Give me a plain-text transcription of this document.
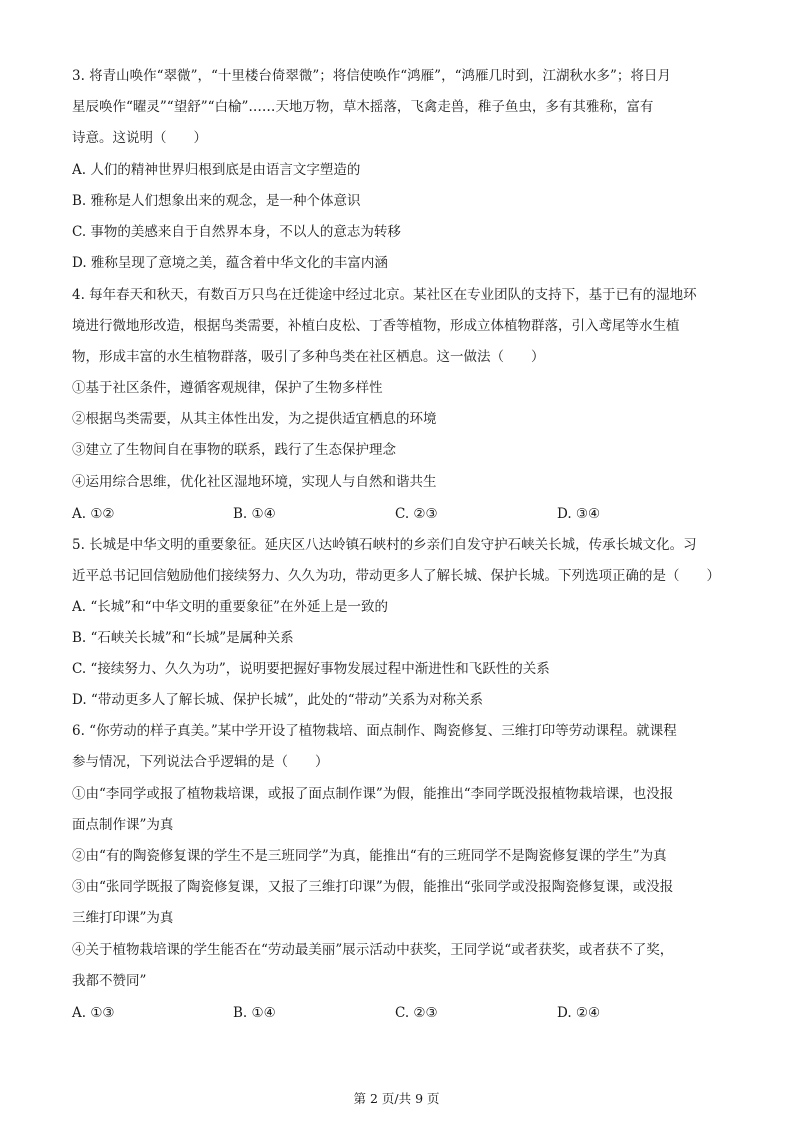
3. 将青山唤作“翠微”，“十里楼台倚翠微”；将信使唤作“鸿雁”，“鸿雁几时到，江湖秋水多”；将日月
星辰唤作“曜灵”“望舒”“白榆”……天地万物，草木摇落，飞禽走兽，稚子鱼虫，多有其雅称，富有
诗意。这说明（　　）
A. 人们的精神世界归根到底是由语言文字塑造的
B. 雅称是人们想象出来的观念，是一种个体意识
C. 事物的美感来自于自然界本身，不以人的意志为转移
D. 雅称呈现了意境之美，蕴含着中华文化的丰富内涵
4. 每年春天和秋天，有数百万只鸟在迁徙途中经过北京。某社区在专业团队的支持下，基于已有的湿地环
境进行微地形改造，根据鸟类需要，补植白皮松、丁香等植物，形成立体植物群落，引入鸢尾等水生植
物，形成丰富的水生植物群落，吸引了多种鸟类在社区栖息。这一做法（　　）
①基于社区条件，遵循客观规律，保护了生物多样性
②根据鸟类需要，从其主体性出发，为之提供适宜栖息的环境
③建立了生物间自在事物的联系，践行了生态保护理念
④运用综合思维，优化社区湿地环境，实现人与自然和谐共生
A. ①②	B. ①④	C. ②③	D. ③④
5. 长城是中华文明的重要象征。延庆区八达岭镇石峡村的乡亲们自发守护石峡关长城，传承长城文化。习
近平总书记回信勉励他们接续努力、久久为功，带动更多人了解长城、保护长城。下列选项正确的是（　　）
A. “长城”和“中华文明的重要象征”在外延上是一致的
B. “石峡关长城”和“长城”是属种关系
C. “接续努力、久久为功”，说明要把握好事物发展过程中渐进性和飞跃性的关系
D. “带动更多人了解长城、保护长城”，此处的“带动”关系为对称关系
6. “你劳动的样子真美。”某中学开设了植物栽培、面点制作、陶瓷修复、三维打印等劳动课程。就课程
参与情况，下列说法合乎逻辑的是（　　）
①由“李同学或报了植物栽培课，或报了面点制作课”为假，能推出“李同学既没报植物栽培课，也没报
面点制作课”为真
②由“有的陶瓷修复课的学生不是三班同学”为真，能推出“有的三班同学不是陶瓷修复课的学生”为真
③由“张同学既报了陶瓷修复课，又报了三维打印课”为假，能推出“张同学或没报陶瓷修复课，或没报
三维打印课”为真
④关于植物栽培课的学生能否在“劳动最美丽”展示活动中获奖，王同学说“或者获奖，或者获不了奖，
我都不赞同”
A. ①③	B. ①④	C. ②③	D. ②④
第 2 页/共 9 页
